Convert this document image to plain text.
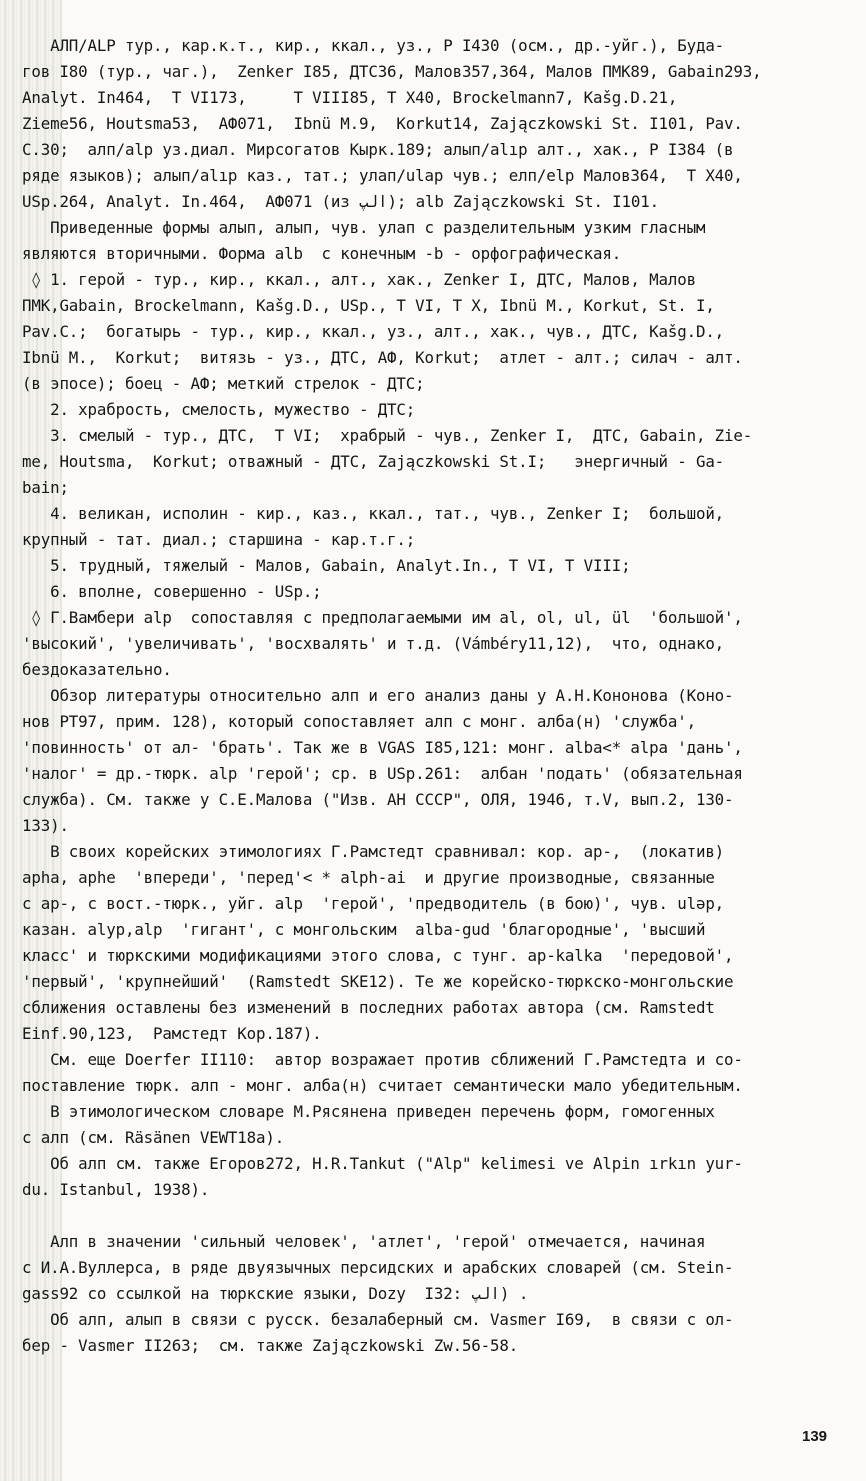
АЛП/ALP тур., кар.к.т., кир., ккал., уз., Р I430 (осм., др.-уйг.), Буда-
гов I80 (тур., чаг.),  Zenker I85, ДТС36, Малов357,364, Малов ПМК89, Gabain293,
Analyt. In464,  Т VI173,     Т VIII85, Т X40, Brockelmann7, Kašg.D.21,
Zieme56, Houtsma53,  АФ071,  Ibnü M.9,  Korkut14, Zajączkowski St. I101, Pav.
C.30;  алп/alp уз.диал. Мирсогатов Кырк.189; алып/alıp алт., хак., Р I384 (в
ряде языков); алып/alıp каз., тат.; улап/ulap чув.; елп/elp Малов364,  Т X40,
USp.264, Analyt. In.464,  АФ071 (из الپ); alb Zajączkowski St. I101.
Приведенные формы алып, алып, чув. улап с разделительным узким гласным
являются вторичными. Форма alb  с конечным -b - орфографическая.
◊ 1. герой - тур., кир., ккал., алт., хак., Zenker I, ДТС, Малов, Малов
ПМК,Gabain, Brockelmann, Kašg.D., USp., Т VI, Т X, Ibnü M., Korkut, St. I,
Pav.C.;  богатырь - тур., кир., ккал., уз., алт., хак., чув., ДТС, Kašg.D.,
Ibnü M.,  Korkut;  витязь - уз., ДТС, АФ, Korkut;  атлет - алт.; силач - алт.
(в эпосе); боец - АФ; меткий стрелок - ДТС;
2. храбрость, смелость, мужество - ДТС;
3. смелый - тур., ДТС,  Т VI;  храбрый - чув., Zenker I,  ДТС, Gabain, Zie-
me, Houtsma,  Korkut; отважный - ДТС, Zajączkowski St.I;   энергичный - Ga-
bain;
4. великан, исполин - кир., каз., ккал., тат., чув., Zenker I;  большой,
крупный - тат. диал.; старшина - кар.т.г.;
5. трудный, тяжелый - Малов, Gabain, Analyt.In., Т VI, Т VIII;
6. вполне, совершенно - USp.;
◊ Г.Вамбери alp  сопоставляя с предполагаемыми им al, ol, ul, ül  'большой',
'высокий', 'увеличивать', 'восхвалять' и т.д. (Vámbéry11,12),  что, однако,
бездоказательно.
Обзор литературы относительно алп и его анализ даны у А.Н.Кононова (Коно-
нов PT97, прим. 128), который сопоставляет алп с монг. алба(н) 'служба',
'повинность' от ал- 'брать'. Так же в VGAS I85,121: монг. alba<* alpa 'дань',
'налог' = др.-тюрк. alp 'герой'; ср. в USp.261:  албан 'подать' (обязательная
служба). См. также у С.Е.Малова ("Изв. АН СССР", ОЛЯ, 1946, т.V, вып.2, 130-
133).
В своих корейских этимологиях Г.Рамстедт сравнивал: кор. ap-,  (локатив)
apha, aphe  'впереди', 'перед'< * alph-ai  и другие производные, связанные
с ap-, с вост.-тюрк., уйг. alp  'герой', 'предводитель (в бою)', чув. ulǝp,
казан. alyp,alp  'гигант', с монгольским  alba-gud 'благородные', 'высший
класс' и тюркскими модификациями этого слова, с тунг. ap-kalka  'передовой',
'первый', 'крупнейший'  (Ramstedt SKE12). Те же корейско-тюркско-монгольские
сближения оставлены без изменений в последних работах автора (см. Ramstedt
Einf.90,123,  Рамстедт Кор.187).
См. еще Doerfer II110:  автор возражает против сближений Г.Рамстедта и со-
поставление тюрк. алп - монг. алба(н) считает семантически мало убедительным.
В этимологическом словаре М.Рясянена приведен перечень форм, гомогенных
с алп (см. Räsänen VEWT18a).
Об алп см. также Егоров272, H.R.Tankut ("Alp" kelimesi ve Alpin ırkın yur-
du. Istanbul, 1938).
Алп в значении 'сильный человек', 'атлет', 'герой' отмечается, начиная
с И.А.Вуллерса, в ряде двуязычных персидских и арабских словарей (см. Stein-
gass92 со ссылкой на тюркские языки, Dozy  I32: الپ) .
Об алп, алып в связи с русск. безалаберный см. Vasmer I69,  в связи с ол-
бер - Vasmer II263;  см. также Zajączkowski Zw.56-58.
139
